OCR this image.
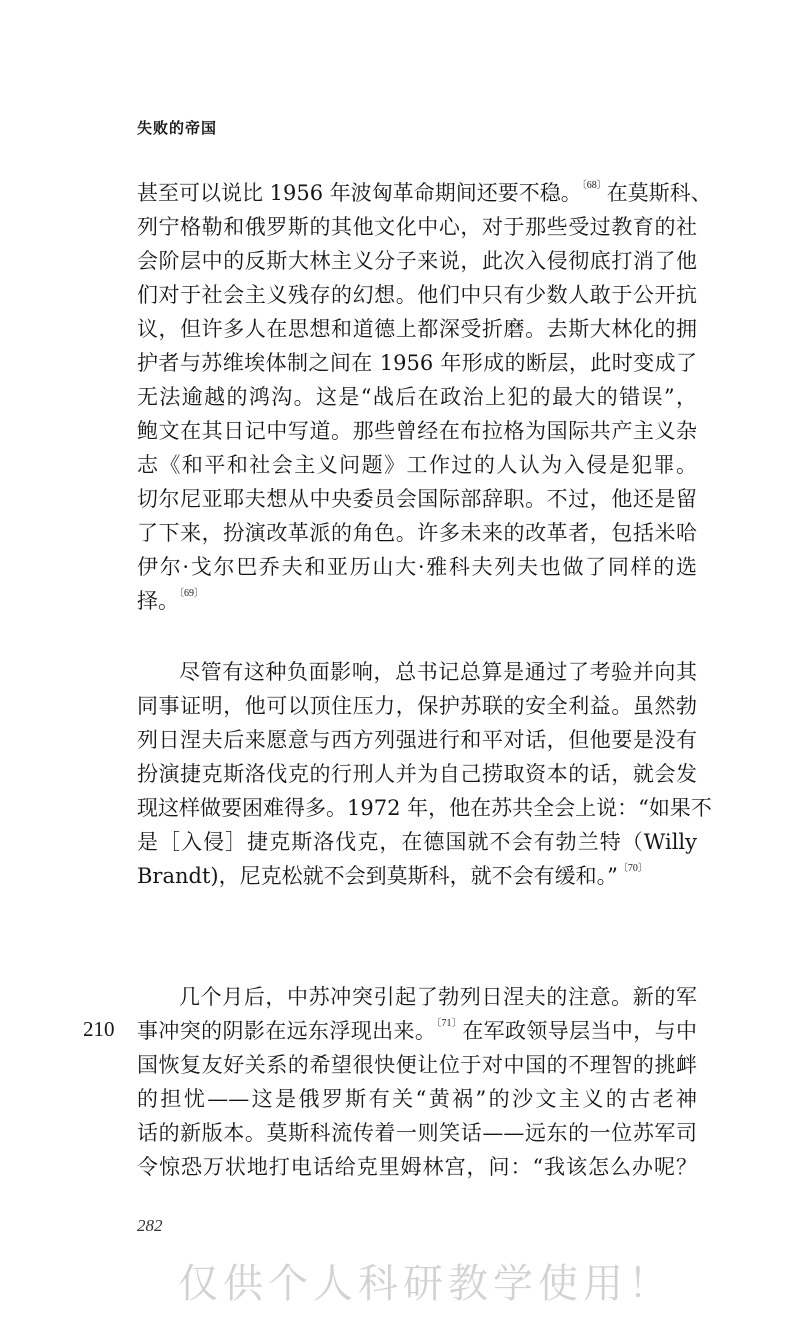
失败的帝国
甚至可以说比 1956 年波匈革命期间还要不稳。$^{〔68〕}$在莫斯科、
列宁格勒和俄罗斯的其他文化中心，对于那些受过教育的社
会阶层中的反斯大林主义分子来说，此次入侵彻底打消了他
们对于社会主义残存的幻想。他们中只有少数人敢于公开抗
议，但许多人在思想和道德上都深受折磨。去斯大林化的拥
护者与苏维埃体制之间在 1956 年形成的断层，此时变成了
无法逾越的鸿沟。这是“战后在政治上犯的最大的错误”，
鲍文在其日记中写道。那些曾经在布拉格为国际共产主义杂
志《和平和社会主义问题》工作过的人认为入侵是犯罪。
切尔尼亚耶夫想从中央委员会国际部辞职。不过，他还是留
了下来，扮演改革派的角色。许多未来的改革者，包括米哈
伊尔·戈尔巴乔夫和亚历山大·雅科夫列夫也做了同样的选
择。$^{〔69〕}$
尽管有这种负面影响，总书记总算是通过了考验并向其
同事证明，他可以顶住压力，保护苏联的安全利益。虽然勃
列日涅夫后来愿意与西方列强进行和平对话，但他要是没有
扮演捷克斯洛伐克的行刑人并为自己捞取资本的话，就会发
现这样做要困难得多。1972 年，他在苏共全会上说：“如果不
是［入侵］捷克斯洛伐克，在德国就不会有勃兰特（Willy
Brandt)，尼克松就不会到莫斯科，就不会有缓和。”$^{〔70〕}$
210
几个月后，中苏冲突引起了勃列日涅夫的注意。新的军
事冲突的阴影在远东浮现出来。$^{〔71〕}$在军政领导层当中，与中
国恢复友好关系的希望很快便让位于对中国的不理智的挑衅
的担忧——这是俄罗斯有关“黄祸”的沙文主义的古老神
话的新版本。莫斯科流传着一则笑话——远东的一位苏军司
令惊恐万状地打电话给克里姆林宫，问：“我该怎么办呢？
282
仅供个人科研教学使用！
